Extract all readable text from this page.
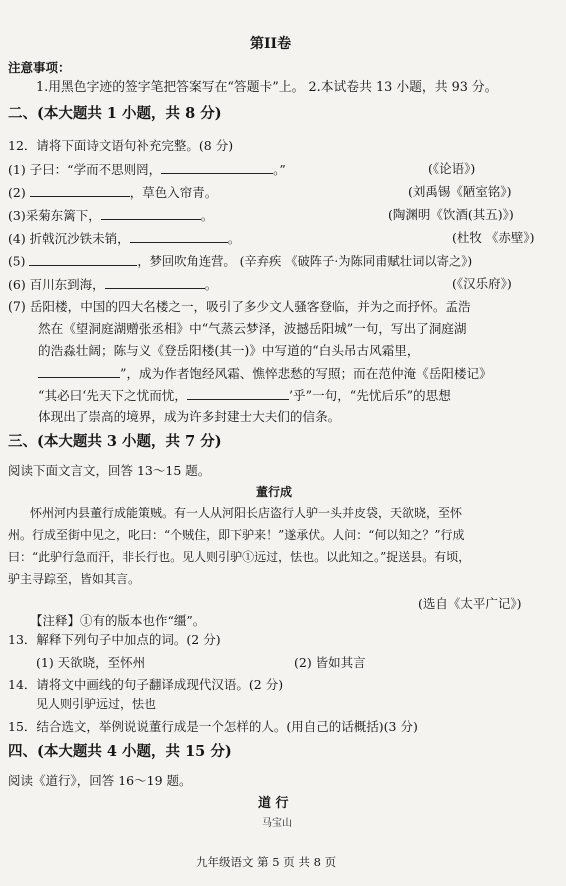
第II卷
注意事项：
1.用黑色字迹的签字笔把答案写在“答题卡”上。 2.本试卷共 13 小题，共 93 分。
二、(本大题共 1 小题，共 8 分)
12．请将下面诗文语句补充完整。(8 分)
(1) 子曰：“学而不思则罔，	。”	(《论语》)
(2)	，草色入帘青。	(刘禹锡《陋室铭》)
(3)采菊东篱下，	。	(陶渊明《饮酒(其五)》)
(4) 折戟沉沙铁未销，	。	(杜牧 《赤壁》)
(5)	，梦回吹角连营。 (辛弃疾 《破阵子·为陈同甫赋壮词以寄之》)
(6) 百川东到海，	。	(《汉乐府》)
(7) 岳阳楼，中国的四大名楼之一，吸引了多少文人骚客登临，并为之而抒怀。孟浩
然在《望洞庭湖赠张丞相》中“气蒸云梦泽，波撼岳阳城”一句，写出了洞庭湖
的浩淼壮阔；陈与义《登岳阳楼(其一)》中写道的“白头吊古风霜里，
”，成为作者饱经风霜、憔悴悲愁的写照；而在范仲淹《岳阳楼记》
“其必曰‘先天下之忧而忧，	’乎”一句，“先忧后乐”的思想
体现出了崇高的境界，成为许多封建士大夫们的信条。
三、(本大题共 3 小题，共 7 分)
阅读下面文言文，回答 13～15 题。
董行成
怀州河内县董行成能策贼。有一人从河阳长店盗行人驴一头并皮袋，天欲晓，至怀
州。行成至街中见之，叱曰：“个贼住，即下驴来！”遂承伏。人问：“何以知之？”行成
曰：“此驴行急而汗，非长行也。见人则引驴①远过，怯也。以此知之。”捉送县。有顷，
驴主寻踪至，皆如其言。
(选自《太平广记》)
【注释】①有的版本也作“缰”。
13．解释下列句子中加点的词。(2 分)
(1) 天欲晓，至怀州	(2) 皆如其言
14．请将文中画线的句子翻译成现代汉语。(2 分)
见人则引驴远过，怯也
15．结合选文，举例说说董行成是一个怎样的人。(用自己的话概括)(3 分)
四、(本大题共 4 小题，共 15 分)
阅读《道行》，回答 16～19 题。
道 行
马宝山
九年级语文 第 5 页 共 8 页
